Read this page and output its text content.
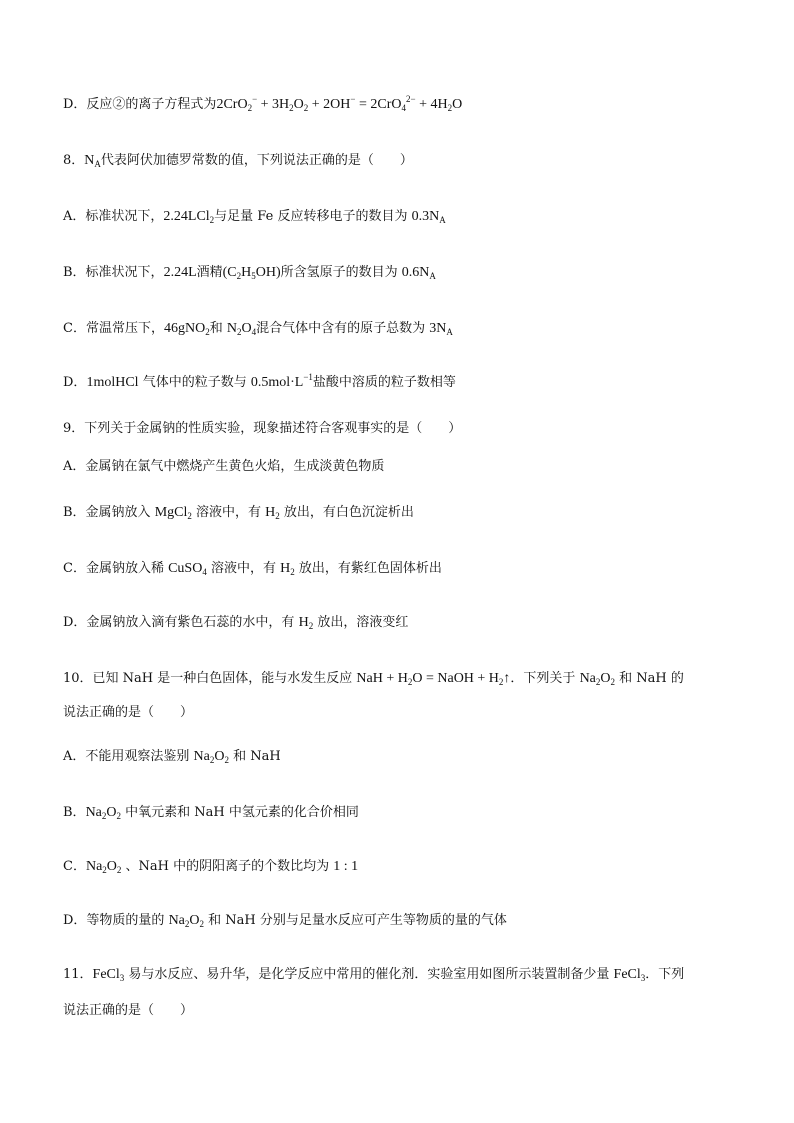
D．反应②的离子方程式为$2CrO_2^- + 3H_2O_2 + 2OH^- = 2CrO_4^{2-} + 4H_2O$
8．$N_A$代表阿伏加德罗常数的值，下列说法正确的是（　　）
A．标准状况下，2.24LCl$_2$与足量 Fe 反应转移电子的数目为 $0.3N_A$
B．标准状况下，2.24L酒精$(C_2H_5OH)$所含氢原子的数目为 $0.6N_A$
C．常温常压下，46gNO$_2$和 $N_2O_4$混合气体中含有的原子总数为 $3N_A$
D．1molHCl 气体中的粒子数与 $0.5mol\cdot L^{-1}$盐酸中溶质的粒子数相等
9．下列关于金属钠的性质实验，现象描述符合客观事实的是（　　）
A．金属钠在氯气中燃烧产生黄色火焰，生成淡黄色物质
B．金属钠放入 MgCl$_2$ 溶液中，有 $H_2$ 放出，有白色沉淀析出
C．金属钠放入稀 CuSO$_4$ 溶液中，有 $H_2$ 放出，有紫红色固体析出
D．金属钠放入滴有紫色石蕊的水中，有 $H_2$ 放出，溶液变红
10．已知 NaH 是一种白色固体，能与水发生反应 NaH + $H_2O$ = NaOH + $H_2↑$．下列关于 $Na_2O_2$ 和 NaH 的
说法正确的是（　　）
A．不能用观察法鉴别 $Na_2O_2$ 和 NaH
B．$Na_2O_2$ 中氧元素和 NaH 中氢元素的化合价相同
C．$Na_2O_2$ 、NaH 中的阴阳离子的个数比均为 1 : 1
D．等物质的量的 $Na_2O_2$ 和 NaH 分别与足量水反应可产生等物质的量的气体
11．FeCl$_3$ 易与水反应、易升华，是化学反应中常用的催化剂．实验室用如图所示装置制备少量 FeCl$_3$．下列
说法正确的是（　　）
